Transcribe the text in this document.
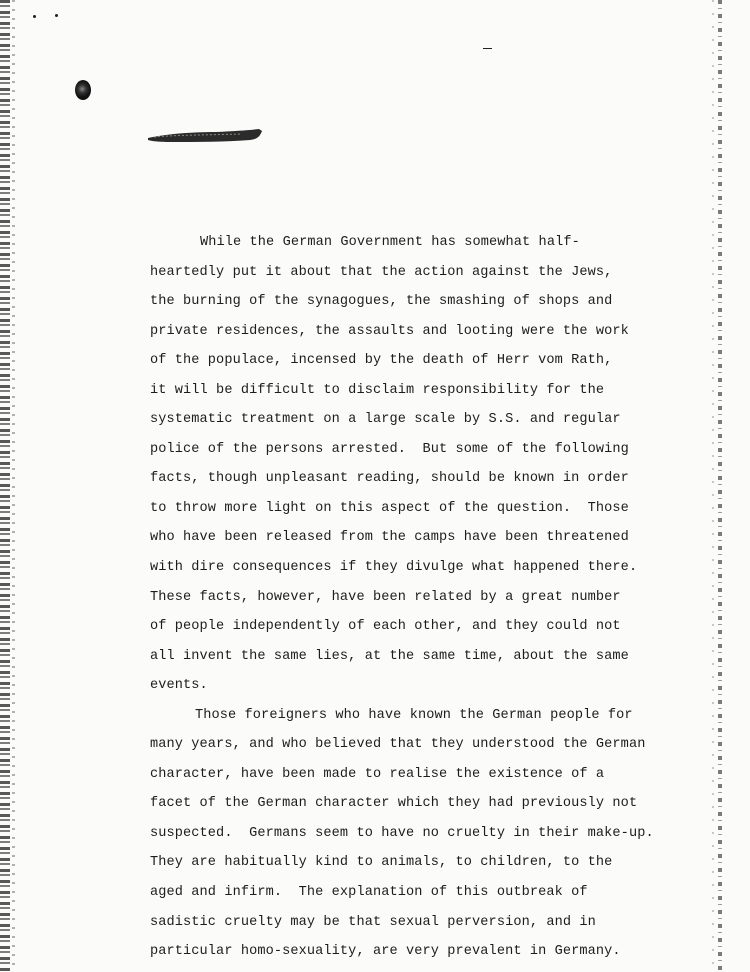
While the German Government has somewhat half-
heartedly put it about that the action against the Jews,
the burning of the synagogues, the smashing of shops and
private residences, the assaults and looting were the work
of the populace, incensed by the death of Herr vom Rath,
it will be difficult to disclaim responsibility for the
systematic treatment on a large scale by S.S. and regular
police of the persons arrested.  But some of the following
facts, though unpleasant reading, should be known in order
to throw more light on this aspect of the question.  Those
who have been released from the camps have been threatened
with dire consequences if they divulge what happened there.
These facts, however, have been related by a great number
of people independently of each other, and they could not
all invent the same lies, at the same time, about the same
events.
Those foreigners who have known the German people for
many years, and who believed that they understood the German
character, have been made to realise the existence of a
facet of the German character which they had previously not
suspected.  Germans seem to have no cruelty in their make-up.
They are habitually kind to animals, to children, to the
aged and infirm.  The explanation of this outbreak of
sadistic cruelty may be that sexual perversion, and in
particular homo-sexuality, are very prevalent in Germany.
